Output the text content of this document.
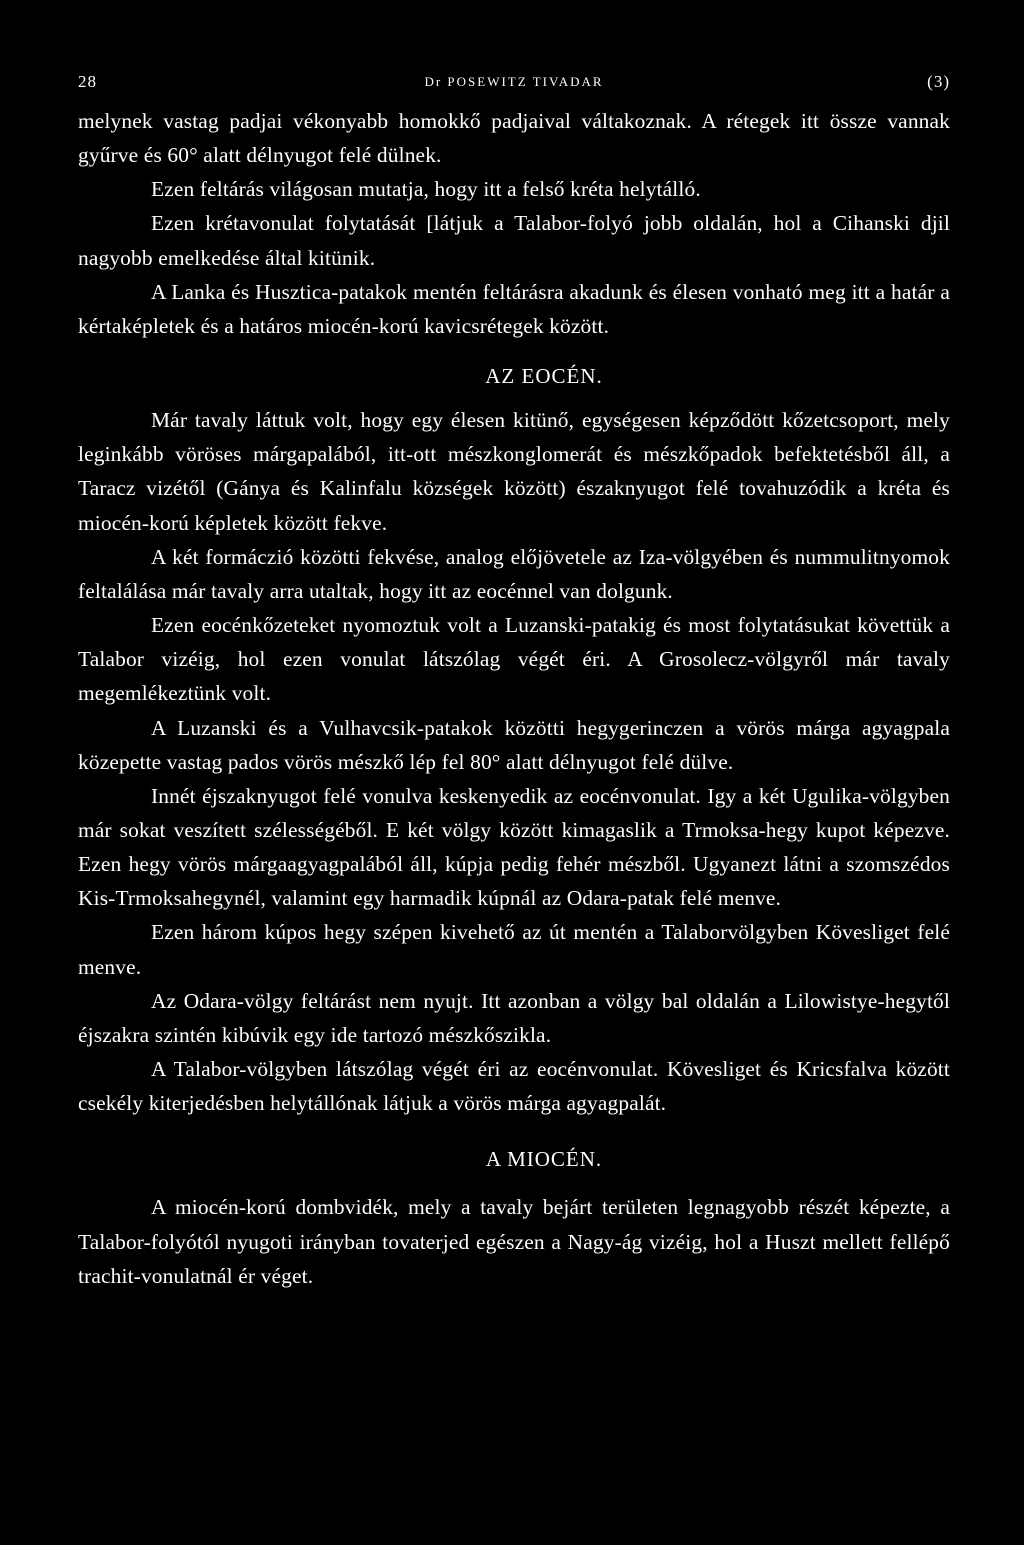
28	Dr POSEWITZ TIVADAR	(3)

melynek vastag padjai vékonyabb homokkő padjaival váltakoznak. A rétegek itt össze vannak gyűrve és 60° alatt délnyugot felé dülnek.

Ezen feltárás világosan mutatja, hogy itt a felső kréta helytálló.

Ezen krétavonulat folytatását [látjuk a Talabor-folyó jobb oldalán, hol a Cihanski djil nagyobb emelkedése által kitünik.

A Lanka és Husztica-patakok mentén feltárásra akadunk és élesen vonható meg itt a határ a kértaképletek és a határos miocén-korú kavicsrétegek között.

AZ EOCÉN.

Már tavaly láttuk volt, hogy egy élesen kitünő, egységesen képződött kőzetcsoport, mely leginkább vöröses márgapalából, itt-ott mészkonglomerát és mészkőpadok befektetésből áll, a Taracz vizétől (Gánya és Kalinfalu községek között) északnyugot felé tovahuzódik a kréta és miocén-korú képletek között fekve.

A két formáczió közötti fekvése, analog előjövetele az Iza-völgyében és nummulitnyomok feltalálása már tavaly arra utaltak, hogy itt az eocénnel van dolgunk.

Ezen eocénkőzeteket nyomoztuk volt a Luzanski-patakig és most folytatásukat követtük a Talabor vizéig, hol ezen vonulat látszólag végét éri. A Grosolecz-völgyről már tavaly megemlékeztünk volt.

A Luzanski és a Vulhavcsik-patakok közötti hegygerinczen a vörös márga agyagpala közepette vastag pados vörös mészkő lép fel 80° alatt délnyugot felé dülve.

Innét éjszaknyugot felé vonulva keskenyedik az eocénvonulat. Igy a két Ugulika-völgyben már sokat veszített szélességéből. E két völgy között kimagaslik a Trmoksa-hegy kupot képezve. Ezen hegy vörös márgaagyagpalából áll, kúpja pedig fehér mészből. Ugyanezt látni a szomszédos Kis-Trmoksahegynél, valamint egy harmadik kúpnál az Odara-patak felé menve.

Ezen három kúpos hegy szépen kivehető az út mentén a Talaborvölgyben Kövesliget felé menve.

Az Odara-völgy feltárást nem nyujt. Itt azonban a völgy bal oldalán a Lilowistye-hegytől éjszakra szintén kibúvik egy ide tartozó mészkőszikla.

A Talabor-völgyben látszólag végét éri az eocénvonulat. Kövesliget és Kricsfalva között csekély kiterjedésben helytállónak látjuk a vörös márga agyagpalát.

A MIOCÉN.

A miocén-korú dombvidék, mely a tavaly bejárt területen legnagyobb részét képezte, a Talabor-folyótól nyugoti irányban tovaterjed egészen a Nagy-ág vizéig, hol a Huszt mellett fellépő trachit-vonulatnál ér véget.
